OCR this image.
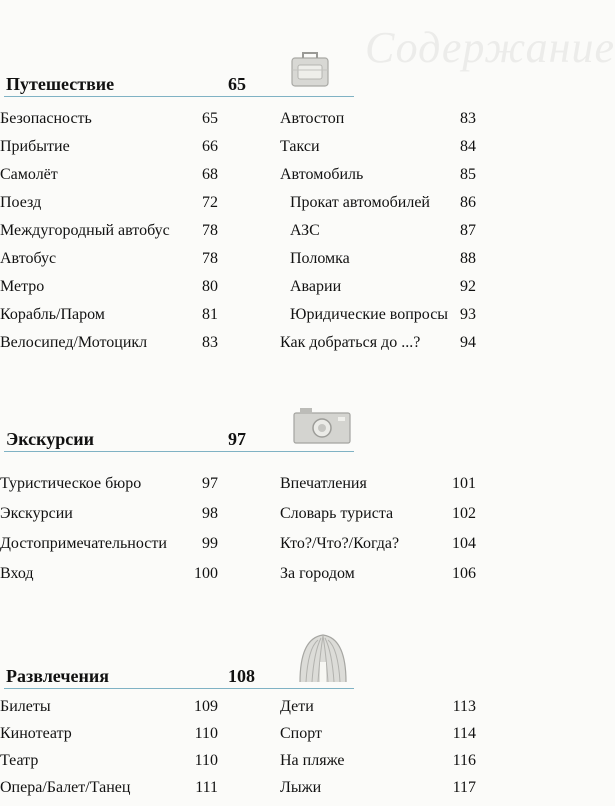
Содержание
Путешествие	65
Безопасность	65
Прибытие	66
Самолёт	68
Поезд	72
Междугородный автобус	78
Автобус	78
Метро	80
Корабль/Паром	81
Велосипед/Мотоцикл	83
Автостоп	83
Такси	84
Автомобиль	85
Прокат автомобилей	86
АЗС	87
Поломка	88
Аварии	92
Юридические вопросы 93
Как добраться до ...?	94
Экскурсии	97
Туристическое бюро	97
Экскурсии	98
Достопримечательности	99
Вход	100
Впечатления	101
Словарь туриста	102
Кто?/Что?/Когда?	104
За городом	106
Развлечения	108
Билеты	109
Кинотеатр	110
Театр	110
Опера/Балет/Танец	111
Дети	113
Спорт	114
На пляже	116
Лыжи	117
